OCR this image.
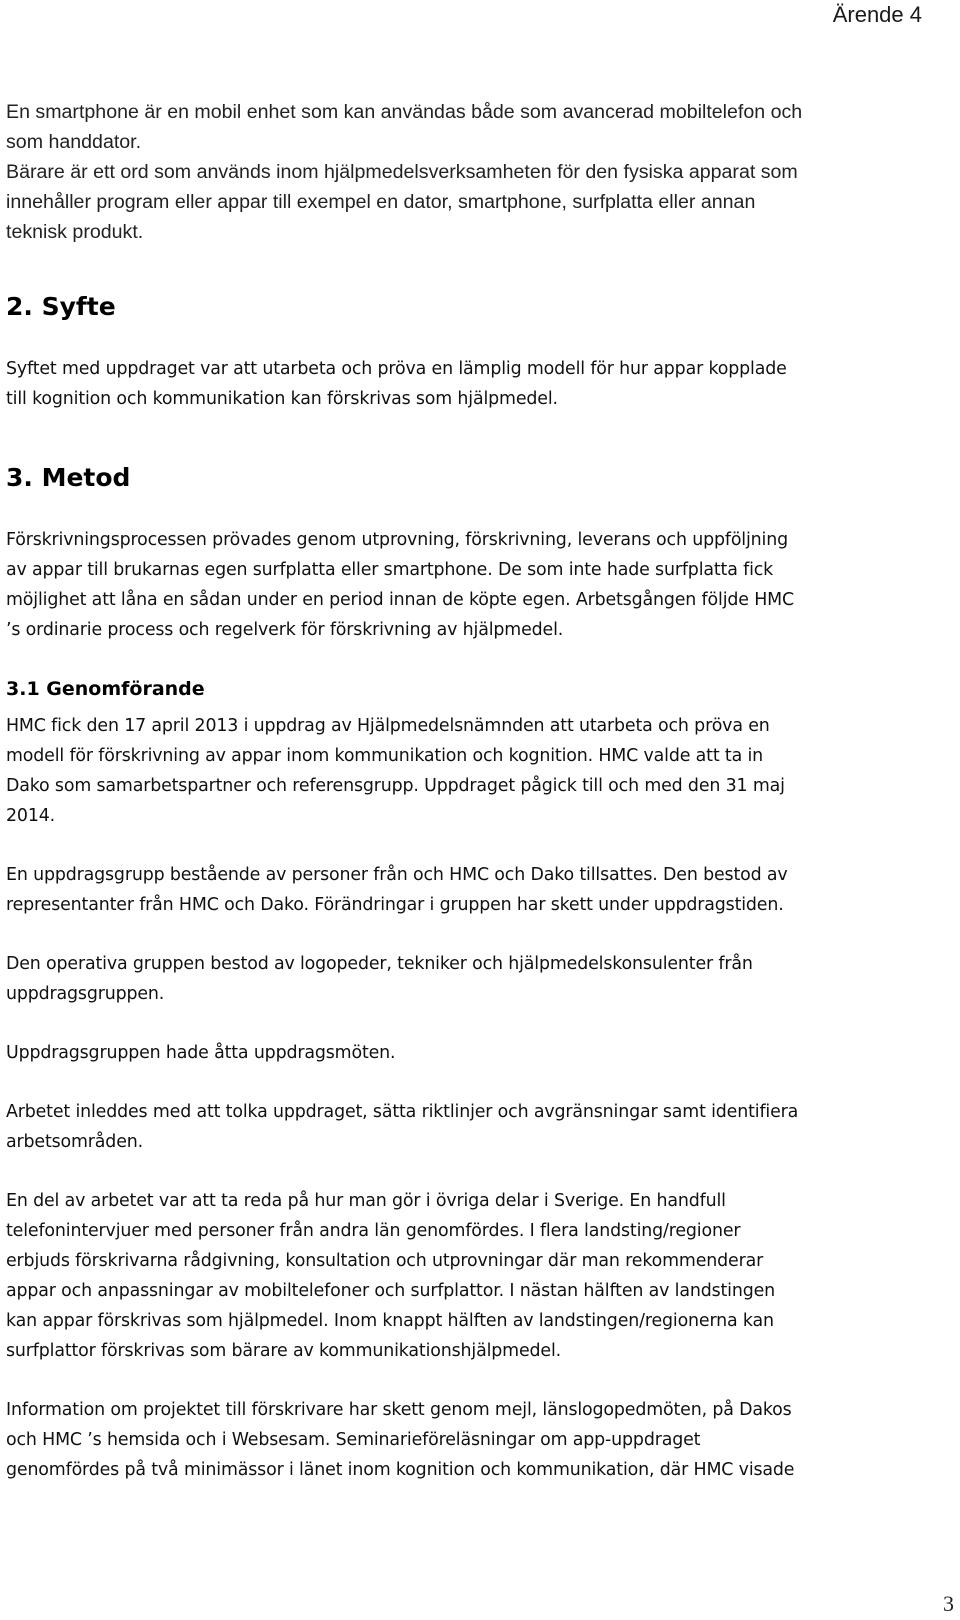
Ärende 4

En smartphone är en mobil enhet som kan användas både som avancerad mobiltelefon och

som handdator.

Bärare är ett ord som används inom hjälpmedelsverksamheten för den fysiska apparat som

innehåller program eller appar till exempel en dator, smartphone, surfplatta eller annan

teknisk produkt.

2. Syfte

Syftet med uppdraget var att utarbeta och pröva en lämplig modell för hur appar kopplade

till kognition och kommunikation kan förskrivas som hjälpmedel.

3. Metod

Förskrivningsprocessen prövades genom utprovning, förskrivning, leverans och uppföljning

av appar till brukarnas egen surfplatta eller smartphone. De som inte hade surfplatta fick

möjlighet att låna en sådan under en period innan de köpte egen. Arbetsgången följde HMC

’s ordinarie process och regelverk för förskrivning av hjälpmedel.

3.1 Genomförande

HMC fick den 17 april 2013 i uppdrag av Hjälpmedelsnämnden att utarbeta och pröva en

modell för förskrivning av appar inom kommunikation och kognition. HMC valde att ta in

Dako som samarbetspartner och referensgrupp. Uppdraget pågick till och med den 31 maj

2014.

En uppdragsgrupp bestående av personer från och HMC och Dako tillsattes. Den bestod av

representanter från HMC och Dako. Förändringar i gruppen har skett under uppdragstiden.

Den operativa gruppen bestod av logopeder, tekniker och hjälpmedelskonsulenter från

uppdragsgruppen.

Uppdragsgruppen hade åtta uppdragsmöten.

Arbetet inleddes med att tolka uppdraget, sätta riktlinjer och avgränsningar samt identifiera

arbetsområden.

En del av arbetet var att ta reda på hur man gör i övriga delar i Sverige. En handfull

telefonintervjuer med personer från andra län genomfördes. I flera landsting/regioner

erbjuds förskrivarna rådgivning, konsultation och utprovningar där man rekommenderar

appar och anpassningar av mobiltelefoner och surfplattor. I nästan hälften av landstingen

kan appar förskrivas som hjälpmedel. Inom knappt hälften av landstingen/regionerna kan

surfplattor förskrivas som bärare av kommunikationshjälpmedel.

Information om projektet till förskrivare har skett genom mejl, länslogopedmöten, på Dakos

och HMC ’s hemsida och i Websesam. Seminarieföreläsningar om app-uppdraget

genomfördes på två minimässor i länet inom kognition och kommunikation, där HMC visade

3
